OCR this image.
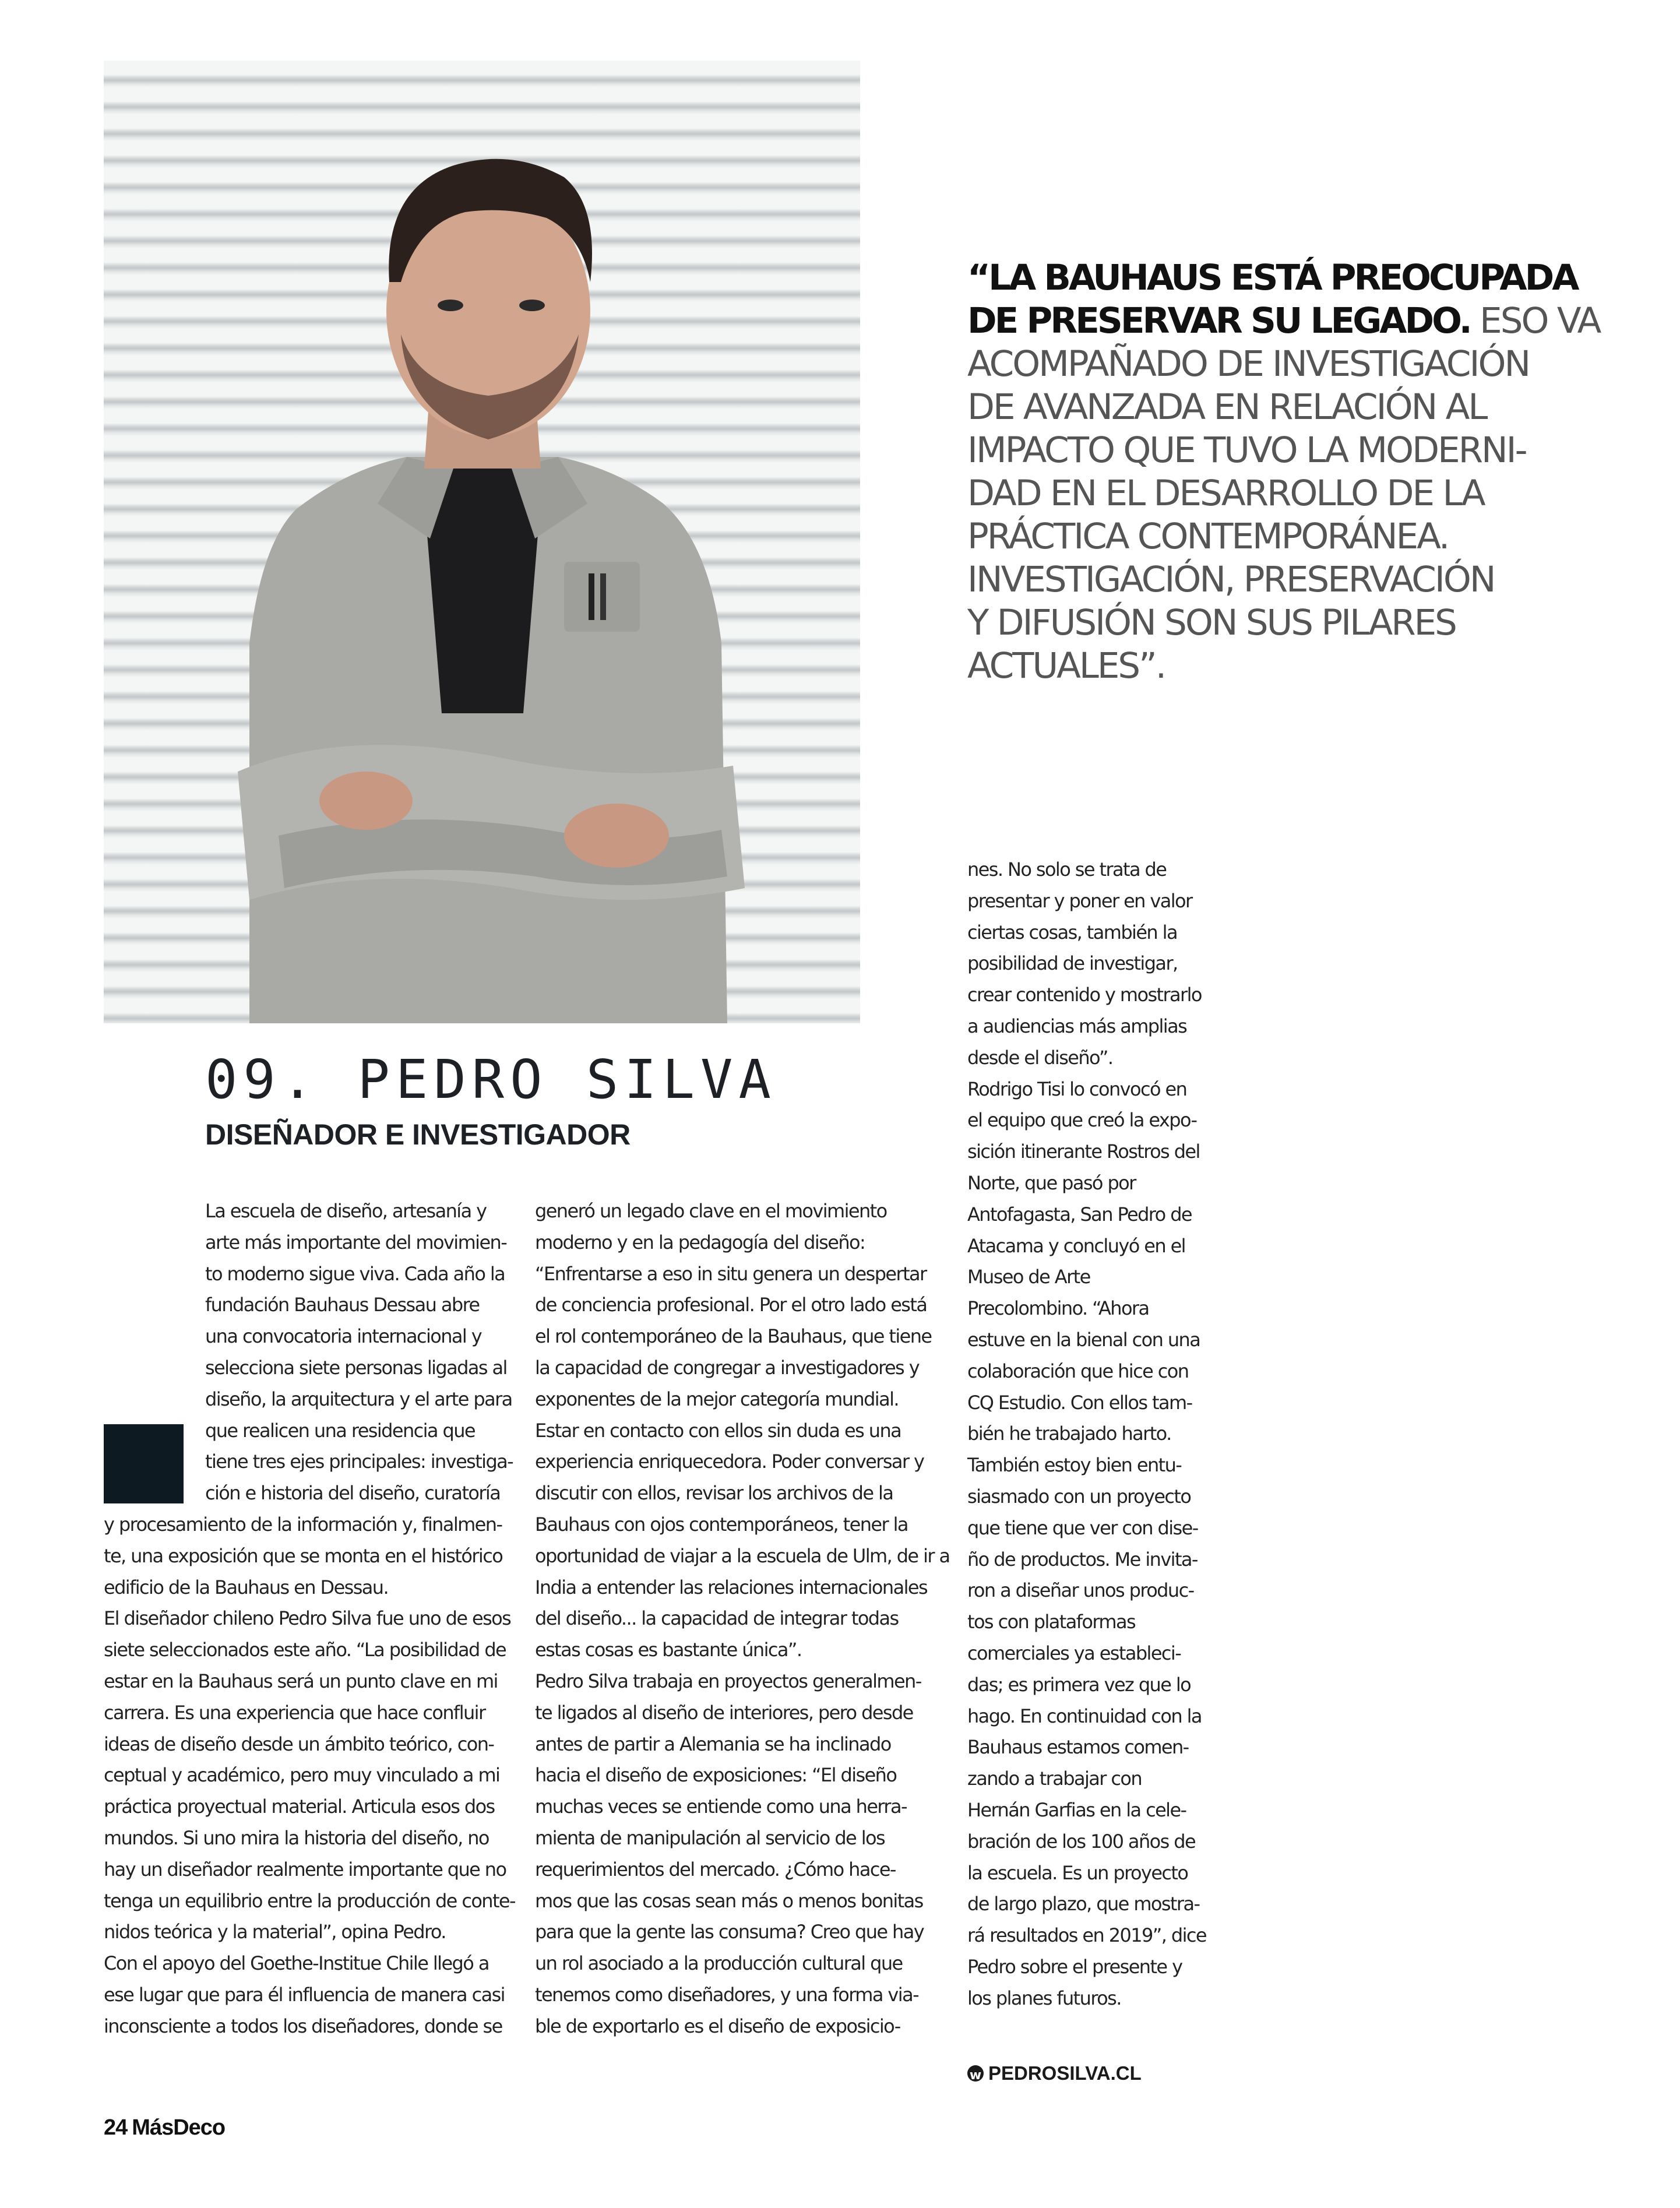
“LA BAUHAUS ESTÁ PREOCUPADA
DE PRESERVAR SU LEGADO. ESO VA
ACOMPAÑADO DE INVESTIGACIÓN
DE AVANZADA EN RELACIÓN AL
IMPACTO QUE TUVO LA MODERNI-
DAD EN EL DESARROLLO DE LA
PRÁCTICA CONTEMPORÁNEA.
INVESTIGACIÓN, PRESERVACIÓN
Y DIFUSIÓN SON SUS PILARES
ACTUALES”.
09. PEDRO SILVA
DISEÑADOR E INVESTIGADOR
La escuela de diseño, artesanía y
arte más importante del movimien-
to moderno sigue viva. Cada año la
fundación Bauhaus Dessau abre
una convocatoria internacional y
selecciona siete personas ligadas al
diseño, la arquitectura y el arte para
que realicen una residencia que
tiene tres ejes principales: investiga-
ción e historia del diseño, curatoría
y procesamiento de la información y, finalmen-
te, una exposición que se monta en el histórico
edificio de la Bauhaus en Dessau.
El diseñador chileno Pedro Silva fue uno de esos
siete seleccionados este año. “La posibilidad de
estar en la Bauhaus será un punto clave en mi
carrera. Es una experiencia que hace confluir
ideas de diseño desde un ámbito teórico, con-
ceptual y académico, pero muy vinculado a mi
práctica proyectual material. Articula esos dos
mundos. Si uno mira la historia del diseño, no
hay un diseñador realmente importante que no
tenga un equilibrio entre la producción de conte-
nidos teórica y la material”, opina Pedro.
Con el apoyo del Goethe-Institue Chile llegó a
ese lugar que para él influencia de manera casi
inconsciente a todos los diseñadores, donde se
generó un legado clave en el movimiento
moderno y en la pedagogía del diseño:
“Enfrentarse a eso in situ genera un despertar
de conciencia profesional. Por el otro lado está
el rol contemporáneo de la Bauhaus, que tiene
la capacidad de congregar a investigadores y
exponentes de la mejor categoría mundial.
Estar en contacto con ellos sin duda es una
experiencia enriquecedora. Poder conversar y
discutir con ellos, revisar los archivos de la
Bauhaus con ojos contemporáneos, tener la
oportunidad de viajar a la escuela de Ulm, de ir a
India a entender las relaciones internacionales
del diseño... la capacidad de integrar todas
estas cosas es bastante única”.
Pedro Silva trabaja en proyectos generalmen-
te ligados al diseño de interiores, pero desde
antes de partir a Alemania se ha inclinado
hacia el diseño de exposiciones: “El diseño
muchas veces se entiende como una herra-
mienta de manipulación al servicio de los
requerimientos del mercado. ¿Cómo hace-
mos que las cosas sean más o menos bonitas
para que la gente las consuma? Creo que hay
un rol asociado a la producción cultural que
tenemos como diseñadores, y una forma via-
ble de exportarlo es el diseño de exposicio-
nes. No solo se trata de
presentar y poner en valor
ciertas cosas, también la
posibilidad de investigar,
crear contenido y mostrarlo
a audiencias más amplias
desde el diseño”.
Rodrigo Tisi lo convocó en
el equipo que creó la expo-
sición itinerante Rostros del
Norte, que pasó por
Antofagasta, San Pedro de
Atacama y concluyó en el
Museo de Arte
Precolombino. “Ahora
estuve en la bienal con una
colaboración que hice con
CQ Estudio. Con ellos tam-
bién he trabajado harto.
También estoy bien entu-
siasmado con un proyecto
que tiene que ver con dise-
ño de productos. Me invita-
ron a diseñar unos produc-
tos con plataformas
comerciales ya estableci-
das; es primera vez que lo
hago. En continuidad con la
Bauhaus estamos comen-
zando a trabajar con
Hernán Garfias en la cele-
bración de los 100 años de
la escuela. Es un proyecto
de largo plazo, que mostra-
rá resultados en 2019”, dice
Pedro sobre el presente y
los planes futuros.
w
PEDROSILVA.CL
24 MásDeco
